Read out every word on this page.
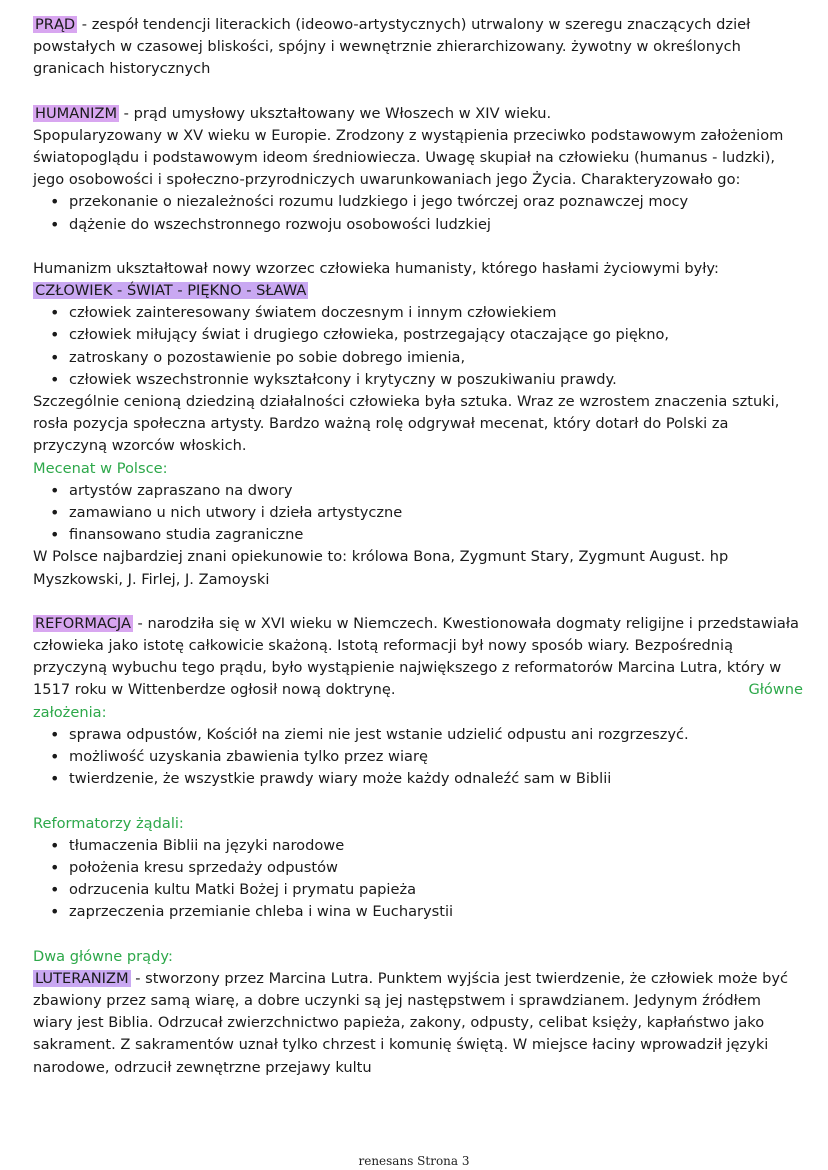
PRĄD - zespół tendencji literackich (ideowo-artystycznych) utrwalony w szeregu znaczących dzieł powstałych w czasowej bliskości, spójny i wewnętrznie zhierarchizowany. żywotny w określonych granicach historycznych

HUMANIZM - prąd umysłowy ukształtowany we Włoszech w XIV wieku.

Spopularyzowany w XV wieku w Europie. Zrodzony z wystąpienia przeciwko podstawowym założeniom światopoglądu i podstawowym ideom średniowiecza. Uwagę skupiał na człowieku (humanus - ludzki), jego osobowości i społeczno-przyrodniczych uwarunkowaniach jego Życia. Charakteryzowało go:

• przekonanie o niezależności rozumu ludzkiego i jego twórczej oraz poznawczej mocy
• dążenie do wszechstronnego rozwoju osobowości ludzkiej

Humanizm ukształtował nowy wzorzec człowieka humanisty, którego hasłami życiowymi były:

CZŁOWIEK - ŚWIAT - PIĘKNO - SŁAWA

• człowiek zainteresowany światem doczesnym i innym człowiekiem
• człowiek miłujący świat i drugiego człowieka, postrzegający otaczające go piękno,
• zatroskany o pozostawienie po sobie dobrego imienia,
• człowiek wszechstronnie wykształcony i krytyczny w poszukiwaniu prawdy.

Szczególnie cenioną dziedziną działalności człowieka była sztuka. Wraz ze wzrostem znaczenia sztuki, rosła pozycja społeczna artysty. Bardzo ważną rolę odgrywał mecenat, który dotarł do Polski za przyczyną wzorców włoskich.

Mecenat w Polsce:

• artystów zapraszano na dwory
• zamawiano u nich utwory i dzieła artystyczne
• finansowano studia zagraniczne

W Polsce najbardziej znani opiekunowie to: królowa Bona, Zygmunt Stary, Zygmunt August. hp Myszkowski, J. Firlej, J. Zamoyski

REFORMACJA - narodziła się w XVI wieku w Niemczech. Kwestionowała dogmaty religijne i przedstawiała człowieka jako istotę całkowicie skażoną. Istotą reformacji był nowy sposób wiary. Bezpośrednią przyczyną wybuchu tego prądu, było wystąpienie największego z reformatorów Marcina Lutra, który w 1517 roku w Wittenberdze ogłosił nową doktrynę.	Główne

założenia:

• sprawa odpustów, Kościół na ziemi nie jest wstanie udzielić odpustu ani rozgrzeszyć.
• możliwość uzyskania zbawienia tylko przez wiarę
• twierdzenie, że wszystkie prawdy wiary może każdy odnaleźć sam w Biblii

Reformatorzy żądali:

• tłumaczenia Biblii na języki narodowe
• położenia kresu sprzedaży odpustów
• odrzucenia kultu Matki Bożej i prymatu papieża
• zaprzeczenia przemianie chleba i wina w Eucharystii

Dwa główne prądy:

LUTERANIZM - stworzony przez Marcina Lutra. Punktem wyjścia jest twierdzenie, że człowiek może być zbawiony przez samą wiarę, a dobre uczynki są jej następstwem i sprawdzianem. Jedynym źródłem wiary jest Biblia. Odrzucał zwierzchnictwo papieża, zakony, odpusty, celibat księży, kapłaństwo jako sakrament. Z sakramentów uznał tylko chrzest i komunię świętą. W miejsce łaciny wprowadził języki narodowe, odrzucił zewnętrzne przejawy kultu

renesans Strona 3
